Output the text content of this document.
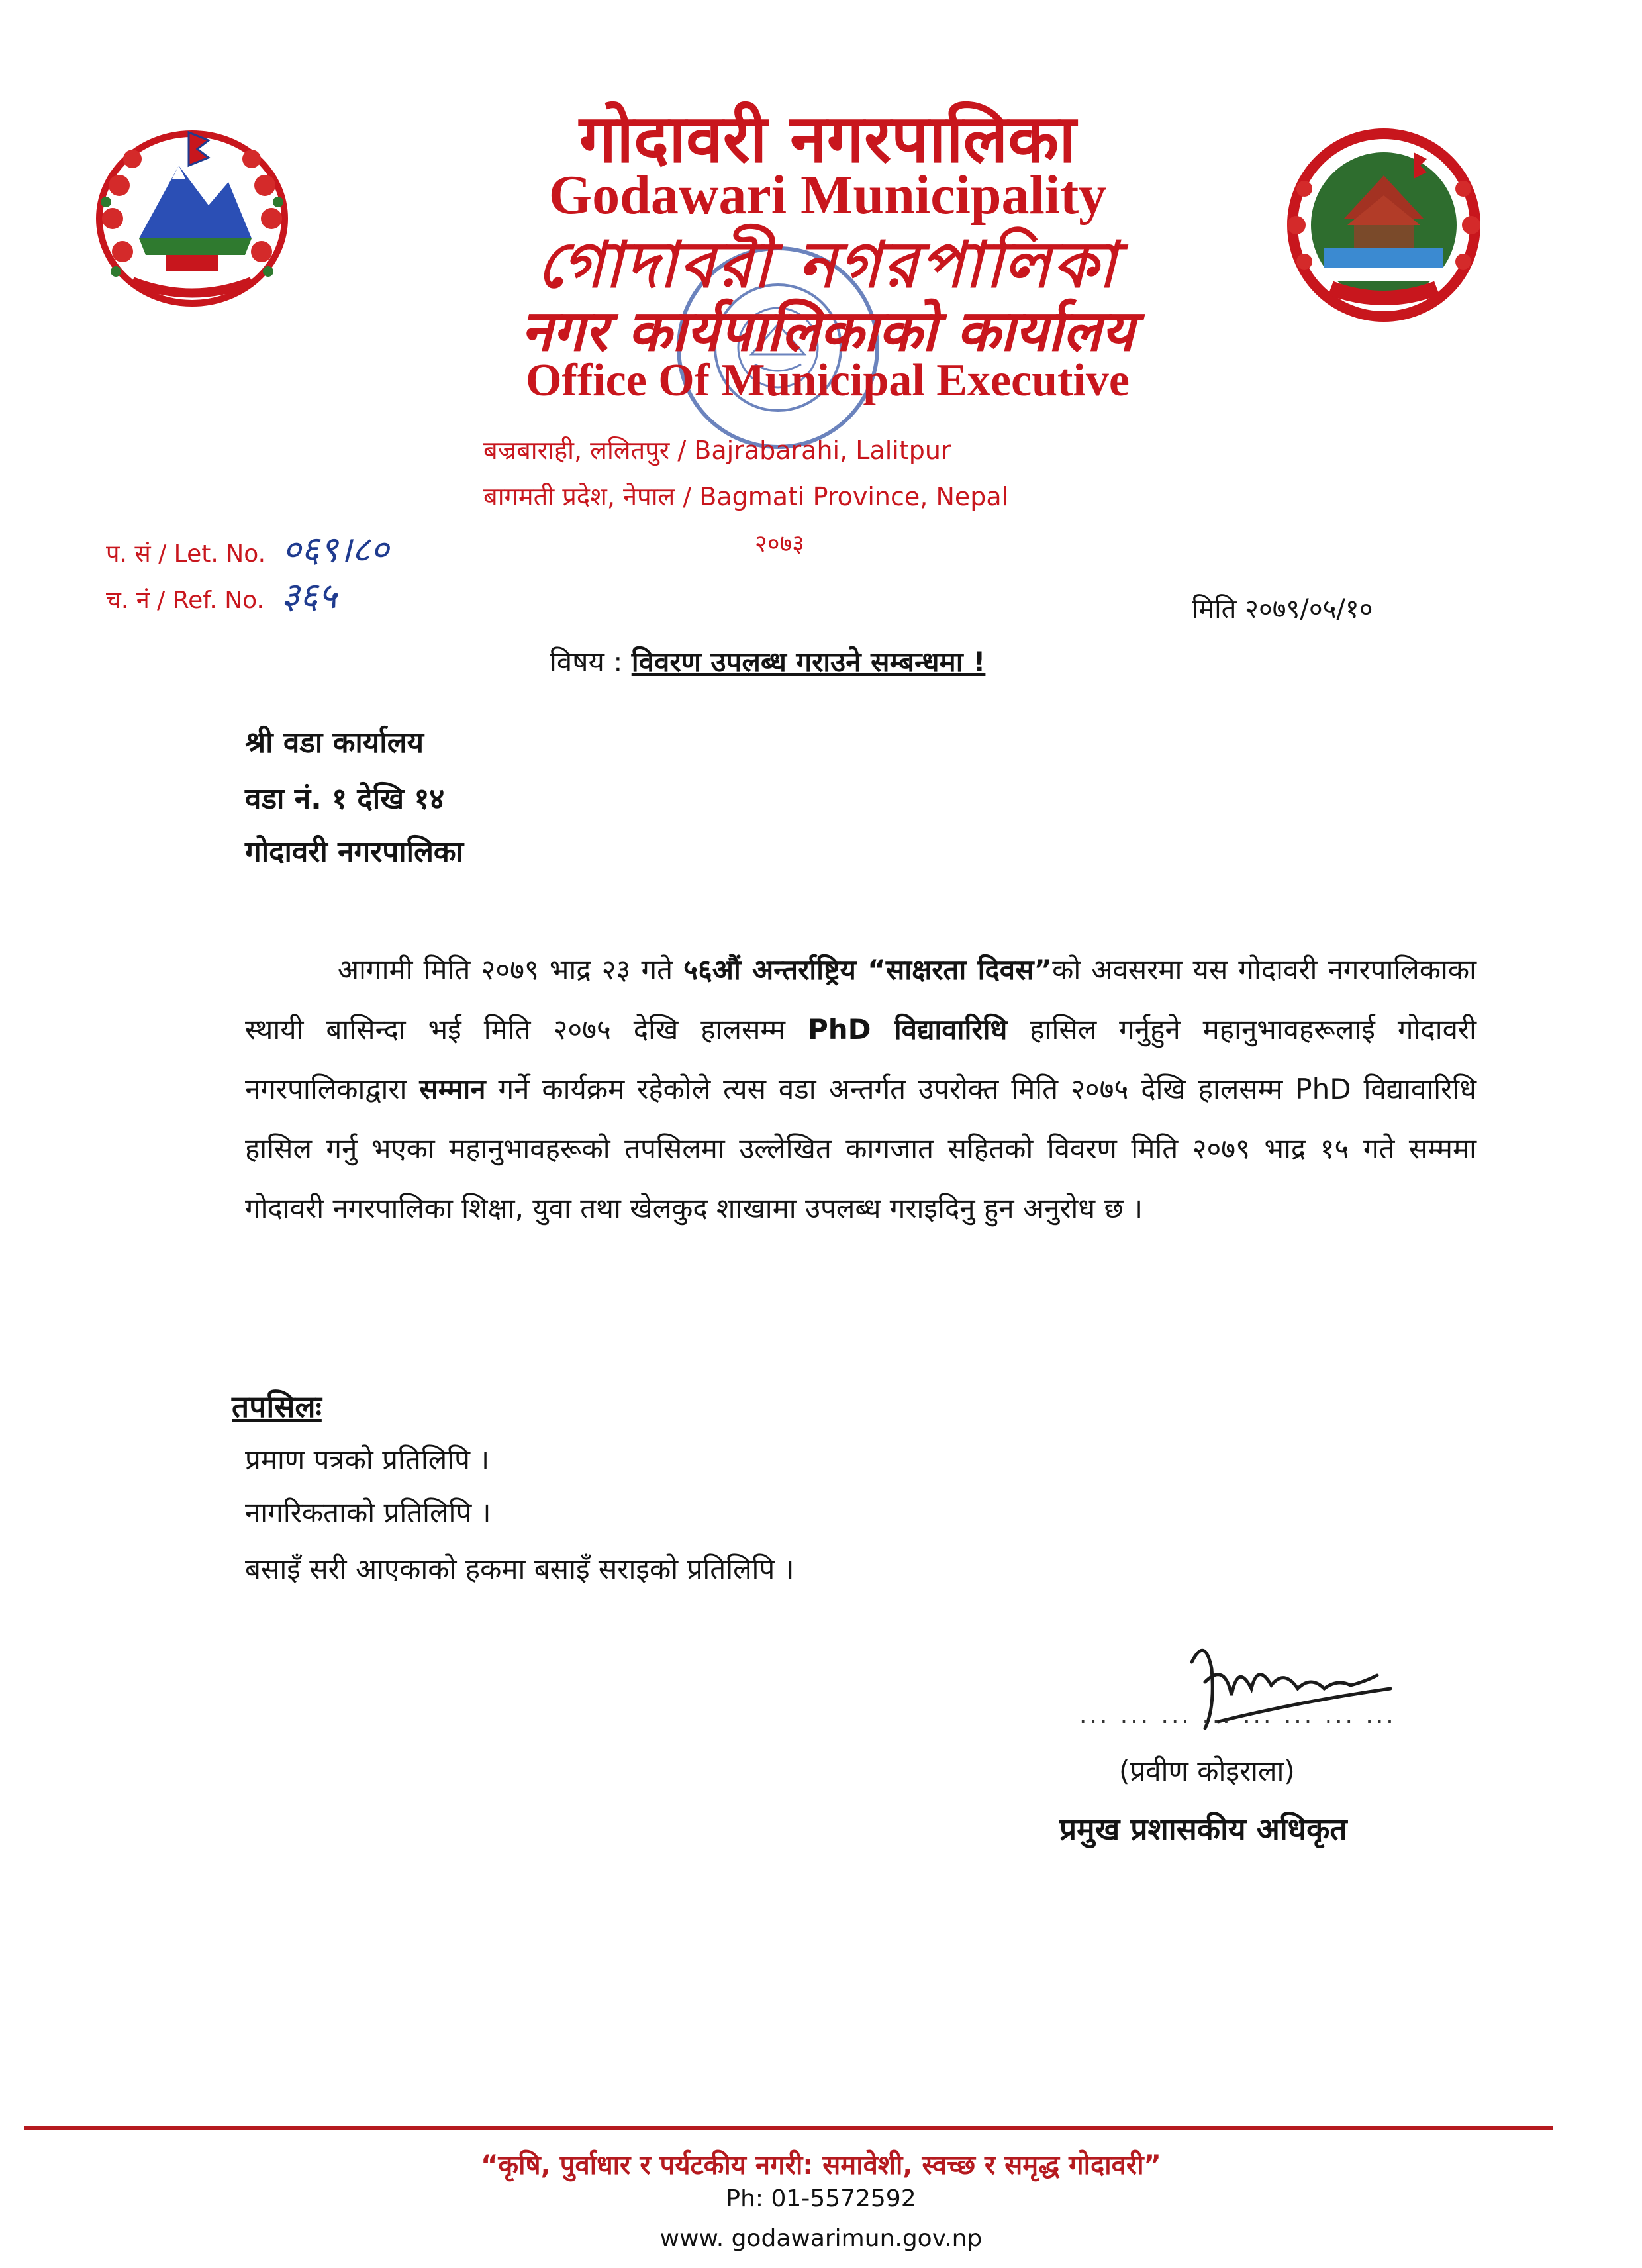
गोदावरी नगरपालिका
Godawari Municipality
গোদাবরী নগরপালিকা
नगर कार्यपालिकाको कार्यालय
Office Of Municipal Executive
बज्रबाराही, ललितपुर / Bajrabarahi, Lalitpur
बागमती प्रदेश, नेपाल / Bagmati Province, Nepal
२०७३
प. सं / Let. No. ०६९।८०
च. नं / Ref. No. ३६५	मिति २०७९/०५/१०
विषय : विवरण उपलब्ध गराउने सम्बन्धमा !
श्री वडा कार्यालय
वडा नं. १ देखि १४
गोदावरी नगरपालिका
आगामी मिति २०७९ भाद्र २३ गते ५६औं अन्तर्राष्ट्रिय “साक्षरता दिवस”को अवसरमा यस गोदावरी नगरपालिकाका स्थायी बासिन्दा भई मिति २०७५ देखि हालसम्म PhD विद्यावारिधि हासिल गर्नुहुने महानुभावहरूलाई गोदावरी नगरपालिकाद्वारा सम्मान गर्ने कार्यक्रम रहेकोले त्यस वडा अन्तर्गत उपरोक्त मिति २०७५ देखि हालसम्म PhD विद्यावारिधि हासिल गर्नु भएका महानुभावहरूको तपसिलमा उल्लेखित कागजात सहितको विवरण मिति २०७९ भाद्र १५ गते सम्ममा गोदावरी नगरपालिका शिक्षा, युवा तथा खेलकुद शाखामा उपलब्ध गराइदिनु हुन अनुरोध छ ।
तपसिलः
प्रमाण पत्रको प्रतिलिपि ।
नागरिकताको प्रतिलिपि ।
बसाइँ सरी आएकाको हकमा बसाइँ सराइको प्रतिलिपि ।
... ... ... ... ... ... ... ...
(प्रवीण कोइराला)
प्रमुख प्रशासकीय अधिकृत
“कृषि, पुर्वाधार र पर्यटकीय नगरी: समावेशी, स्वच्छ र समृद्ध गोदावरी”
Ph: 01-5572592
www. godawarimun.gov.np
